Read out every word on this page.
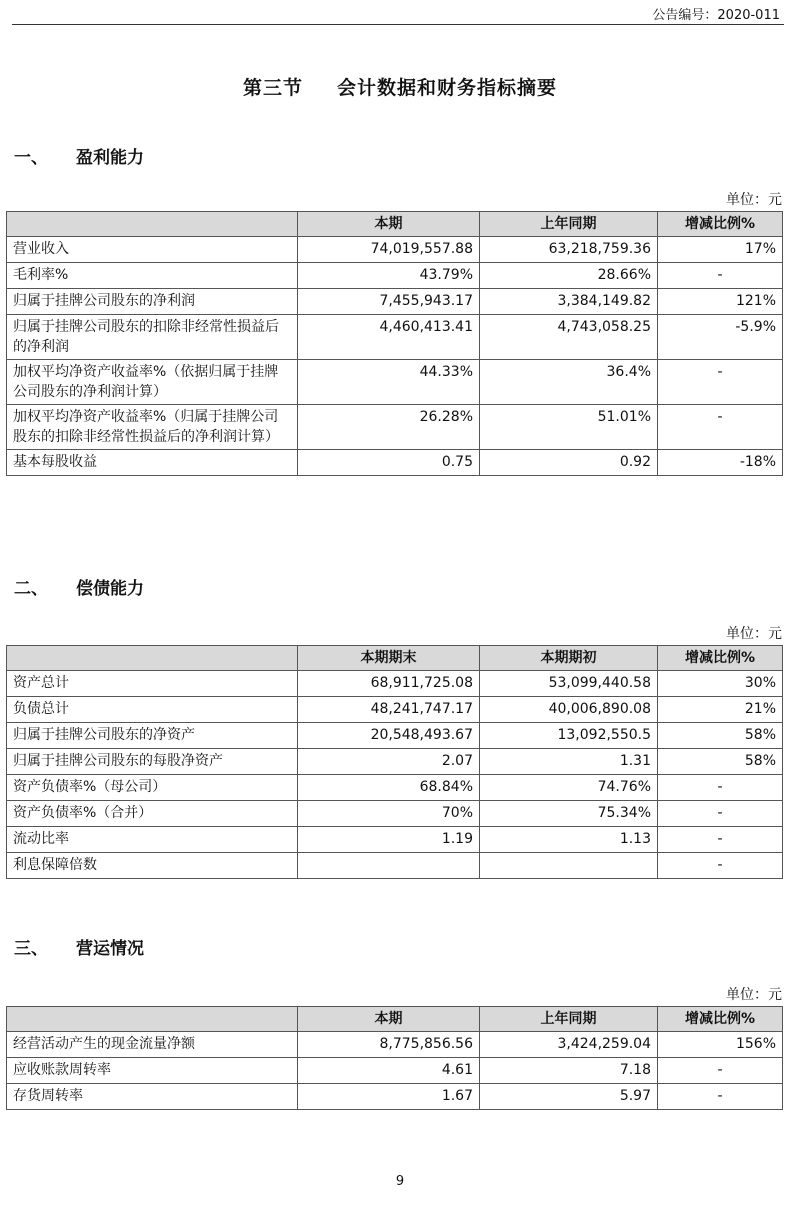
公告编号：2020-011
第三节 会计数据和财务指标摘要
一、 盈利能力
单位：元
	本期	上年同期	增减比例%
营业收入	74,019,557.88	63,218,759.36	17%
毛利率%	43.79%	28.66%	-
归属于挂牌公司股东的净利润	7,455,943.17	3,384,149.82	121%
归属于挂牌公司股东的扣除非经常性损益后的净利润	4,460,413.41	4,743,058.25	-5.9%
加权平均净资产收益率%（依据归属于挂牌公司股东的净利润计算）	44.33%	36.4%	-
加权平均净资产收益率%（归属于挂牌公司股东的扣除非经常性损益后的净利润计算）	26.28%	51.01%	-
基本每股收益	0.75	0.92	-18%
二、 偿债能力
单位：元
	本期期末	本期期初	增减比例%
资产总计	68,911,725.08	53,099,440.58	30%
负债总计	48,241,747.17	40,006,890.08	21%
归属于挂牌公司股东的净资产	20,548,493.67	13,092,550.5	58%
归属于挂牌公司股东的每股净资产	2.07	1.31	58%
资产负债率%（母公司）	68.84%	74.76%	-
资产负债率%（合并）	70%	75.34%	-
流动比率	1.19	1.13	-
利息保障倍数			-
三、 营运情况
单位：元
	本期	上年同期	增减比例%
经营活动产生的现金流量净额	8,775,856.56	3,424,259.04	156%
应收账款周转率	4.61	7.18	-
存货周转率	1.67	5.97	-
9
